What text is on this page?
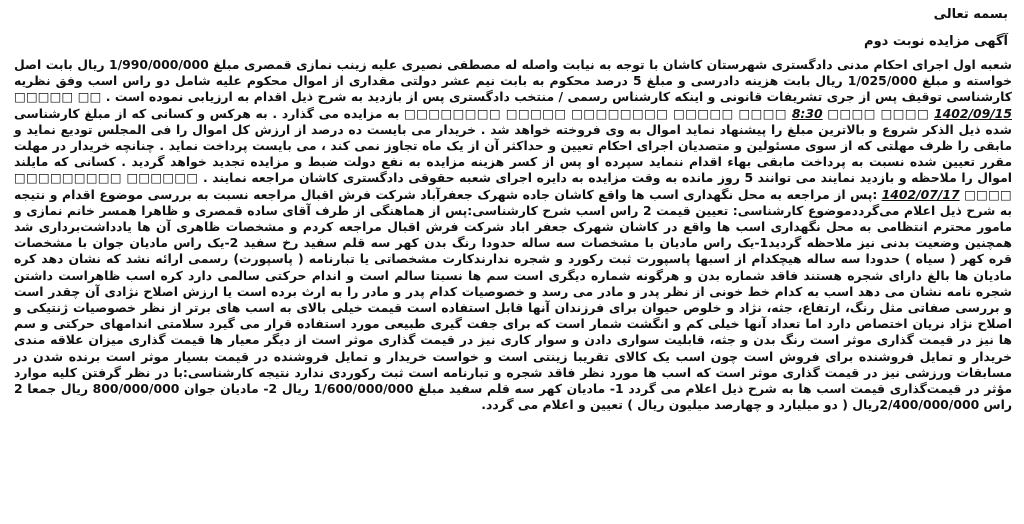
بسمه تعالی
آگهی مزایده نوبت دوم

شعبه اول اجرای احکام مدنی دادگستری شهرستان کاشان با توجه به نیابت واصله له مصطفی نصیری علیه زینب نمازی قمصری مبلغ 1/990/000/000 ریال بابت اصل خواسته و مبلغ 1/025/000 ریال بابت هزینه دادرسی و مبلغ 5 درصد محکوم به بابت نیم عشر دولتی مقداری از اموال محکوم علیه شامل دو راس اسب وفق نظریه کارشناسی توقیف پس از جری تشریفات قانونی و اینکه کارشناس رسمی / منتخب دادگستری پس از بازدید به شرح ذیل اقدام به ارزیابی نموده است . □□ □□□□□ 1402/09/15 □□□□ □□□□ 8:30 □□□□ □□□□□ □□□□□□□□ □□□□□ □□□□□□□□ به مزایده می گذارد . به هرکس و کسانی که از مبلغ کارشناسی شده ذیل الذکر شروع و بالاترین مبلغ را پیشنهاد نماید اموال به وی فروخته خواهد شد . خریدار می بایست ده درصد از ارزش کل اموال را فی المجلس تودیع نماید و مابقی را ظرف مهلتی که از سوی مسئولین و متصدیان اجرای احکام تعیین و حداکثر آن از یک ماه تجاوز نمی کند ، می بایست پرداخت نماید . چنانچه خریدار در مهلت مقرر تعیین شده نسبت به پرداخت مابقی بهاء اقدام ننماید سپرده او پس از کسر هزینه مزایده به نفع دولت ضبط و مزایده تجدید خواهد گردید . کسانی که مایلند اموال را ملاحظه و بازدید نمایند می توانند 5 روز مانده به وقت مزایده به دایره اجرای شعبه حقوقی دادگستری کاشان مراجعه نمایند . □□□□□□ □□□□□□□□□ □□□□ 1402/07/17 :پس از مراجعه به محل نگهداری اسب ها واقع کاشان جاده شهرک جعفرآباد شرکت فرش اقبال مراجعه نسبت به بررسی موضوع اقدام و نتیجه به شرح ذیل اعلام می‌گرددموضوع کارشناسی: تعیین قیمت 2 راس اسب شرح کارشناسی:پس از هماهنگی از طرف آقای ساده قمصری و ظاهرا همسر خانم نمازی و مامور محترم انتظامی به محل نگهداری اسب ها واقع در کاشان شهرک جعفر اباد شرکت فرش اقبال مراجعه کردم و مشخصات ظاهری آن ها یادداشت‌برداری شد همچنین وضعیت بدنی نیز ملاحظه گردید1-یک راس مادیان با مشخصات سه ساله حدودا رنگ بدن کهر سه قلم سفید رخ سفید 2-یک راس مادیان جوان با مشخصات قره کهر ( سیاه ) حدودا سه ساله هیچکدام از اسبها پاسپورت ثبت رکورد و شجره ندارندکارت مشخصاتی یا تبارنامه ( پاسپورت) رسمی ارائه نشد که نشان دهد کره مادیان ها بالغ دارای شجره هستند فاقد شماره بدن و هرگونه شماره دیگری است سم ها نسبتا سالم است و اندام حرکتی سالمی دارد کره اسب ظاهراست داشتن شجره نامه نشان می دهد اسب به کدام خط خونی از نظر پدر و مادر می رسد و خصوصیات کدام پدر و مادر را به ارث برده است یا ارزش اصلاح نژادی آن چقدر است و بررسی صفاتی مثل رنگ، ارتفاع، جثه، نژاد و خلوص حیوان برای فرزندان آنها قابل استفاده است قیمت خیلی بالای به اسب های برتر از نظر خصوصیات ژنتیکی و اصلاح نژاد نریان اختصاص دارد اما تعداد آنها خیلی کم و انگشت شمار است که برای جفت گیری طبیعی مورد استفاده قرار می گیرد سلامتی اندامهای حرکتی و سم ها نیز در قیمت گذاری موثر است رنگ بدن و جثه، قابلیت سواری دادن و سوار کاری نیز در قیمت گذاری موثر است از دیگر معیار ها قیمت گذاری میزان علاقه مندی خریدار و تمایل فروشنده برای فروش است چون اسب یک کالای تقریبا زینتی است و خواست خریدار و تمایل فروشنده در قیمت بسیار موثر است برنده شدن در مسابقات ورزشی نیز در قیمت گذاری موثر است که اسب ها مورد نظر فاقد شجره و تبارنامه است ثبت رکوردی ندارد نتیجه کارشناسی:با در نظر گرفتن کلیه موارد مؤثر در قیمت‌گذاری قیمت اسب ها به شرح ذیل اعلام می گردد 1- مادیان کهر سه قلم سفید مبلغ 1/600/000/000 ریال 2- مادیان جوان 800/000/000 ریال جمعا 2 راس 2/400/000/000ریال ( دو میلیارد و چهارصد میلیون ریال ) تعیین و اعلام می گردد.
